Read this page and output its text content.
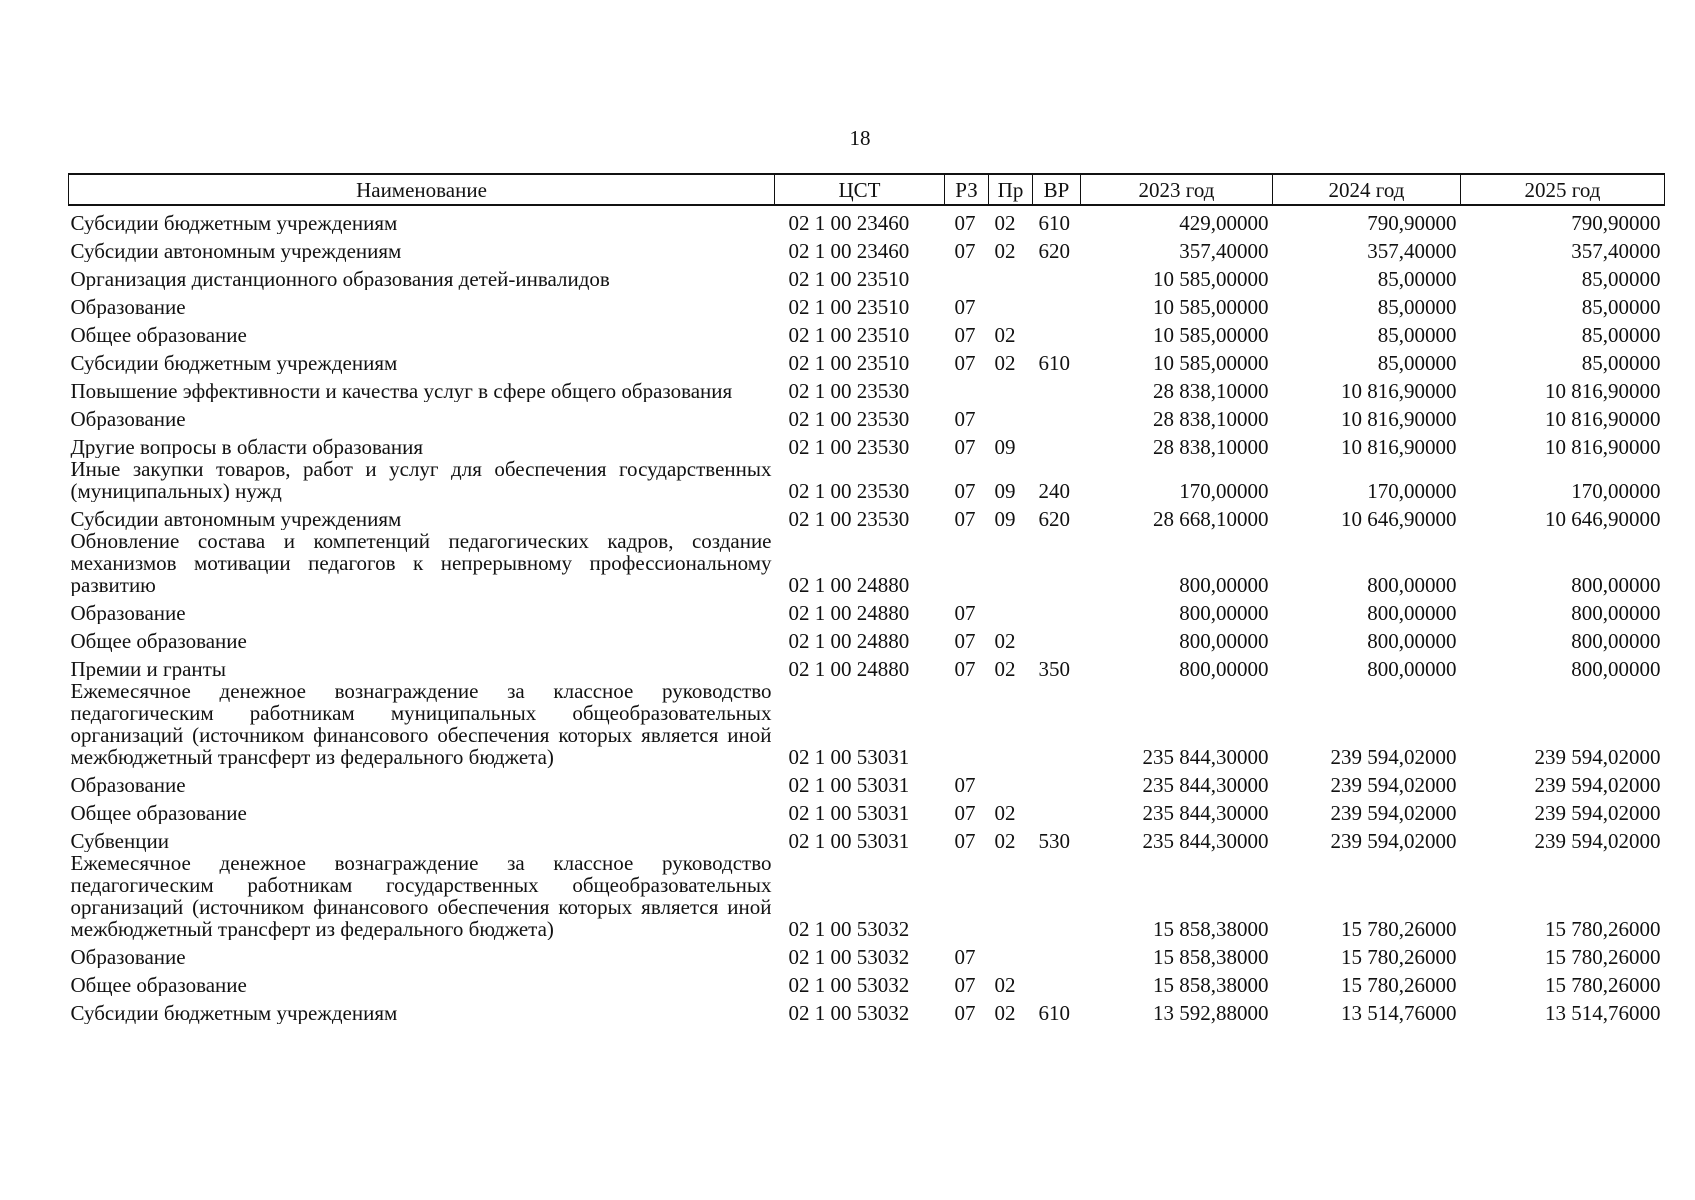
18
Наименование	ЦСТ	РЗ	Пр	ВР	2023 год	2024 год	2025 год
Субсидии бюджетным учреждениям	02 1 00 23460	07	02	610	429,00000	790,90000	790,90000
Субсидии автономным учреждениям	02 1 00 23460	07	02	620	357,40000	357,40000	357,40000
Организация дистанционного образования детей-инвалидов	02 1 00 23510				10 585,00000	85,00000	85,00000
Образование	02 1 00 23510	07			10 585,00000	85,00000	85,00000
Общее образование	02 1 00 23510	07	02		10 585,00000	85,00000	85,00000
Субсидии бюджетным учреждениям	02 1 00 23510	07	02	610	10 585,00000	85,00000	85,00000
Повышение эффективности и качества услуг в сфере общего образования	02 1 00 23530				28 838,10000	10 816,90000	10 816,90000
Образование	02 1 00 23530	07			28 838,10000	10 816,90000	10 816,90000
Другие вопросы в области образования	02 1 00 23530	07	09		28 838,10000	10 816,90000	10 816,90000
Иные закупки товаров, работ и услуг для обеспечения государственных (муниципальных) нужд	02 1 00 23530	07	09	240	170,00000	170,00000	170,00000
Субсидии автономным учреждениям	02 1 00 23530	07	09	620	28 668,10000	10 646,90000	10 646,90000
Обновление состава и компетенций педагогических кадров, создание механизмов мотивации педагогов к непрерывному профессиональному развитию	02 1 00 24880				800,00000	800,00000	800,00000
Образование	02 1 00 24880	07			800,00000	800,00000	800,00000
Общее образование	02 1 00 24880	07	02		800,00000	800,00000	800,00000
Премии и гранты	02 1 00 24880	07	02	350	800,00000	800,00000	800,00000
Ежемесячное денежное вознаграждение за классное руководство педагогическим работникам муниципальных общеобразовательных организаций (источником финансового обеспечения которых является иной межбюджетный трансферт из федерального бюджета)	02 1 00 53031				235 844,30000	239 594,02000	239 594,02000
Образование	02 1 00 53031	07			235 844,30000	239 594,02000	239 594,02000
Общее образование	02 1 00 53031	07	02		235 844,30000	239 594,02000	239 594,02000
Субвенции	02 1 00 53031	07	02	530	235 844,30000	239 594,02000	239 594,02000
Ежемесячное денежное вознаграждение за классное руководство педагогическим работникам государственных общеобразовательных организаций (источником финансового обеспечения которых является иной межбюджетный трансферт из федерального бюджета)	02 1 00 53032				15 858,38000	15 780,26000	15 780,26000
Образование	02 1 00 53032	07			15 858,38000	15 780,26000	15 780,26000
Общее образование	02 1 00 53032	07	02		15 858,38000	15 780,26000	15 780,26000
Субсидии бюджетным учреждениям	02 1 00 53032	07	02	610	13 592,88000	13 514,76000	13 514,76000
